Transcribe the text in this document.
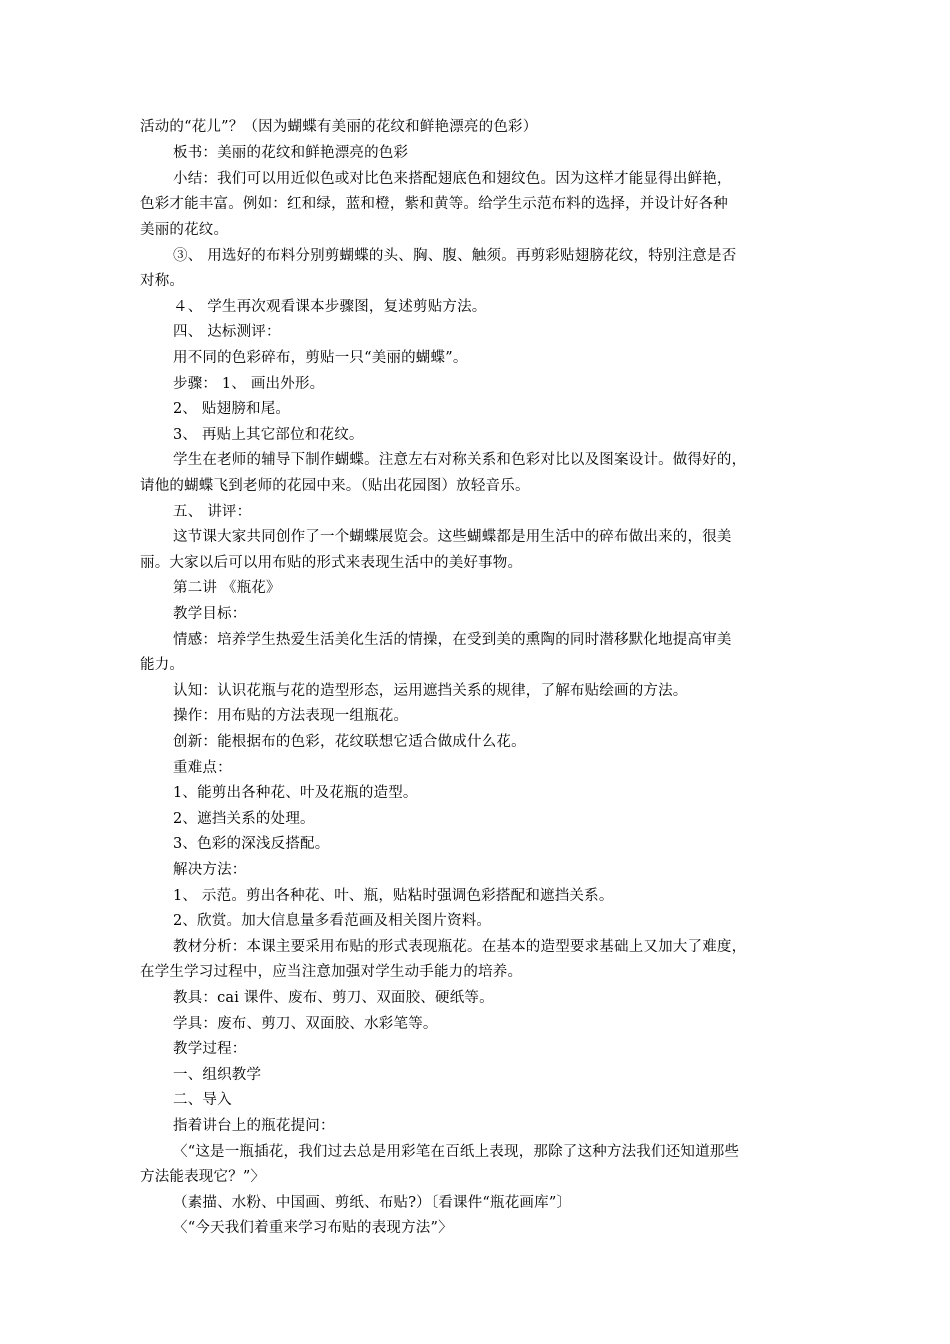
活动的“花儿”？（因为蝴蝶有美丽的花纹和鲜艳漂亮的色彩）
板书：美丽的花纹和鲜艳漂亮的色彩
小结：我们可以用近似色或对比色来搭配翅底色和翅纹色。因为这样才能显得出鲜艳，
色彩才能丰富。例如：红和绿，蓝和橙，紫和黄等。给学生示范布料的选择，并设计好各种
美丽的花纹。
③、 用选好的布料分别剪蝴蝶的头、胸、腹、触须。再剪彩贴翅膀花纹，特别注意是否
对称。
４、 学生再次观看课本步骤图，复述剪贴方法。
四、 达标测评：
用不同的色彩碎布，剪贴一只“美丽的蝴蝶”。
步骤： 1、 画出外形。
2、 贴翅膀和尾。
3、 再贴上其它部位和花纹。
学生在老师的辅导下制作蝴蝶。注意左右对称关系和色彩对比以及图案设计。做得好的，
请他的蝴蝶飞到老师的花园中来。（贴出花园图）放轻音乐。
五、 讲评：
这节课大家共同创作了一个蝴蝶展览会。这些蝴蝶都是用生活中的碎布做出来的，很美
丽。大家以后可以用布贴的形式来表现生活中的美好事物。
第二讲 《瓶花》
教学目标：
情感：培养学生热爱生活美化生活的情操，在受到美的熏陶的同时潜移默化地提高审美
能力。
认知：认识花瓶与花的造型形态，运用遮挡关系的规律，了解布贴绘画的方法。
操作：用布贴的方法表现一组瓶花。
创新：能根据布的色彩，花纹联想它适合做成什么花。
重难点：
1、能剪出各种花、叶及花瓶的造型。
2、遮挡关系的处理。
3、色彩的深浅反搭配。
解决方法：
1、 示范。剪出各种花、叶、瓶，贴粘时强调色彩搭配和遮挡关系。
2、欣赏。加大信息量多看范画及相关图片资料。
教材分析：本课主要采用布贴的形式表现瓶花。在基本的造型要求基础上又加大了难度，
在学生学习过程中，应当注意加强对学生动手能力的培养。
教具：cai 课件、废布、剪刀、双面胶、硬纸等。
学具：废布、剪刀、双面胶、水彩笔等。
教学过程：
一、组织教学
二、导入
指着讲台上的瓶花提问：
〈“这是一瓶插花，我们过去总是用彩笔在百纸上表现，那除了这种方法我们还知道那些
方法能表现它？”〉
（素描、水粉、中国画、剪纸、布贴?）〔看课件“瓶花画库”〕
〈“今天我们着重来学习布贴的表现方法”〉
